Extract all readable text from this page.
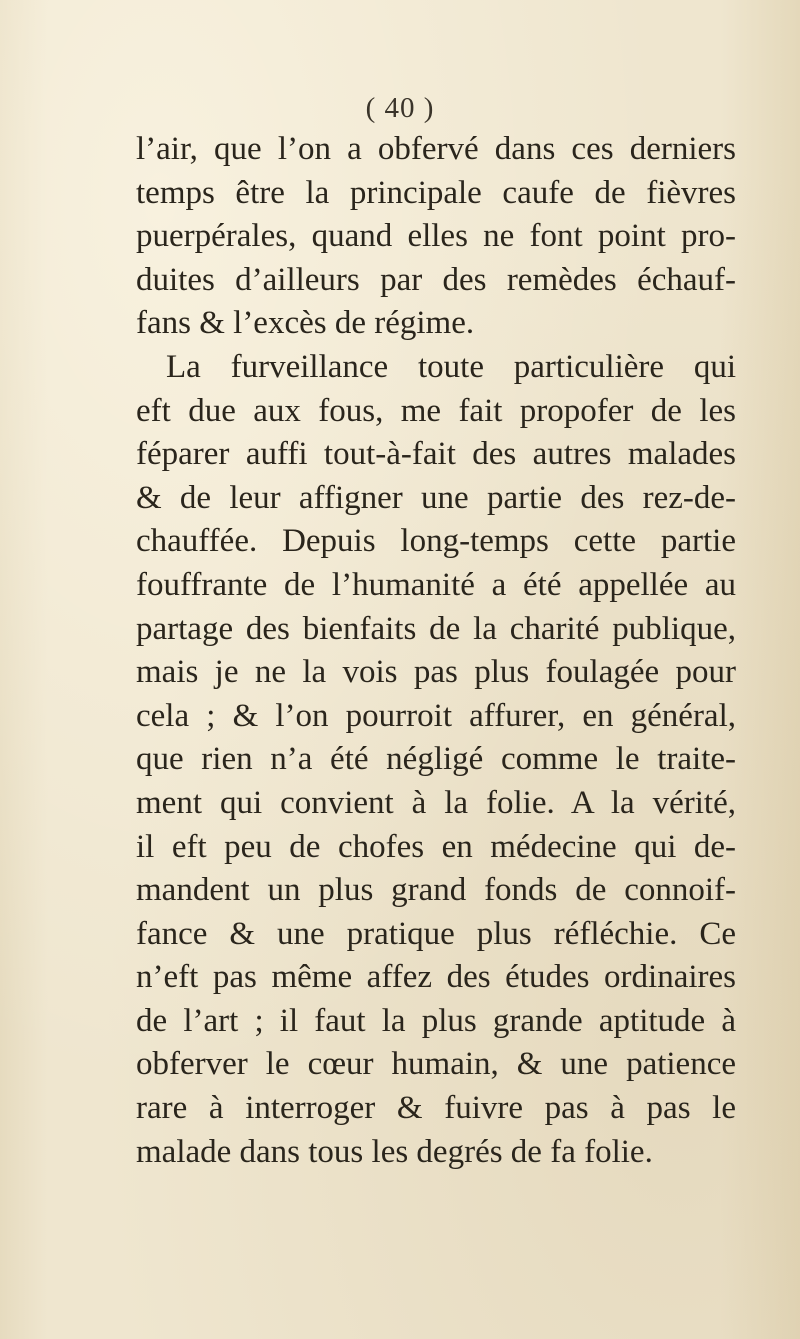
( 40 )
l’air, que l’on a obfervé dans ces derniers
temps être la principale caufe de fièvres
puerpérales, quand elles ne font point pro-
duites d’ailleurs par des remèdes échauf-
fans & l’excès de régime.
La furveillance toute particulière qui
eft due aux fous, me fait propofer de les
féparer auffi tout-à-fait des autres malades
& de leur affigner une partie des rez-de-
chauffée. Depuis long-temps cette partie
fouffrante de l’humanité a été appellée au
partage des bienfaits de la charité publique,
mais je ne la vois pas plus foulagée pour
cela ; & l’on pourroit affurer, en général,
que rien n’a été négligé comme le traite-
ment qui convient à la folie. A la vérité,
il eft peu de chofes en médecine qui de-
mandent un plus grand fonds de connoif-
fance & une pratique plus réfléchie. Ce
n’eft pas même affez des études ordinaires
de l’art ; il faut la plus grande aptitude à
obferver le cœur humain, & une patience
rare à interroger & fuivre pas à pas le
malade dans tous les degrés de fa folie.
